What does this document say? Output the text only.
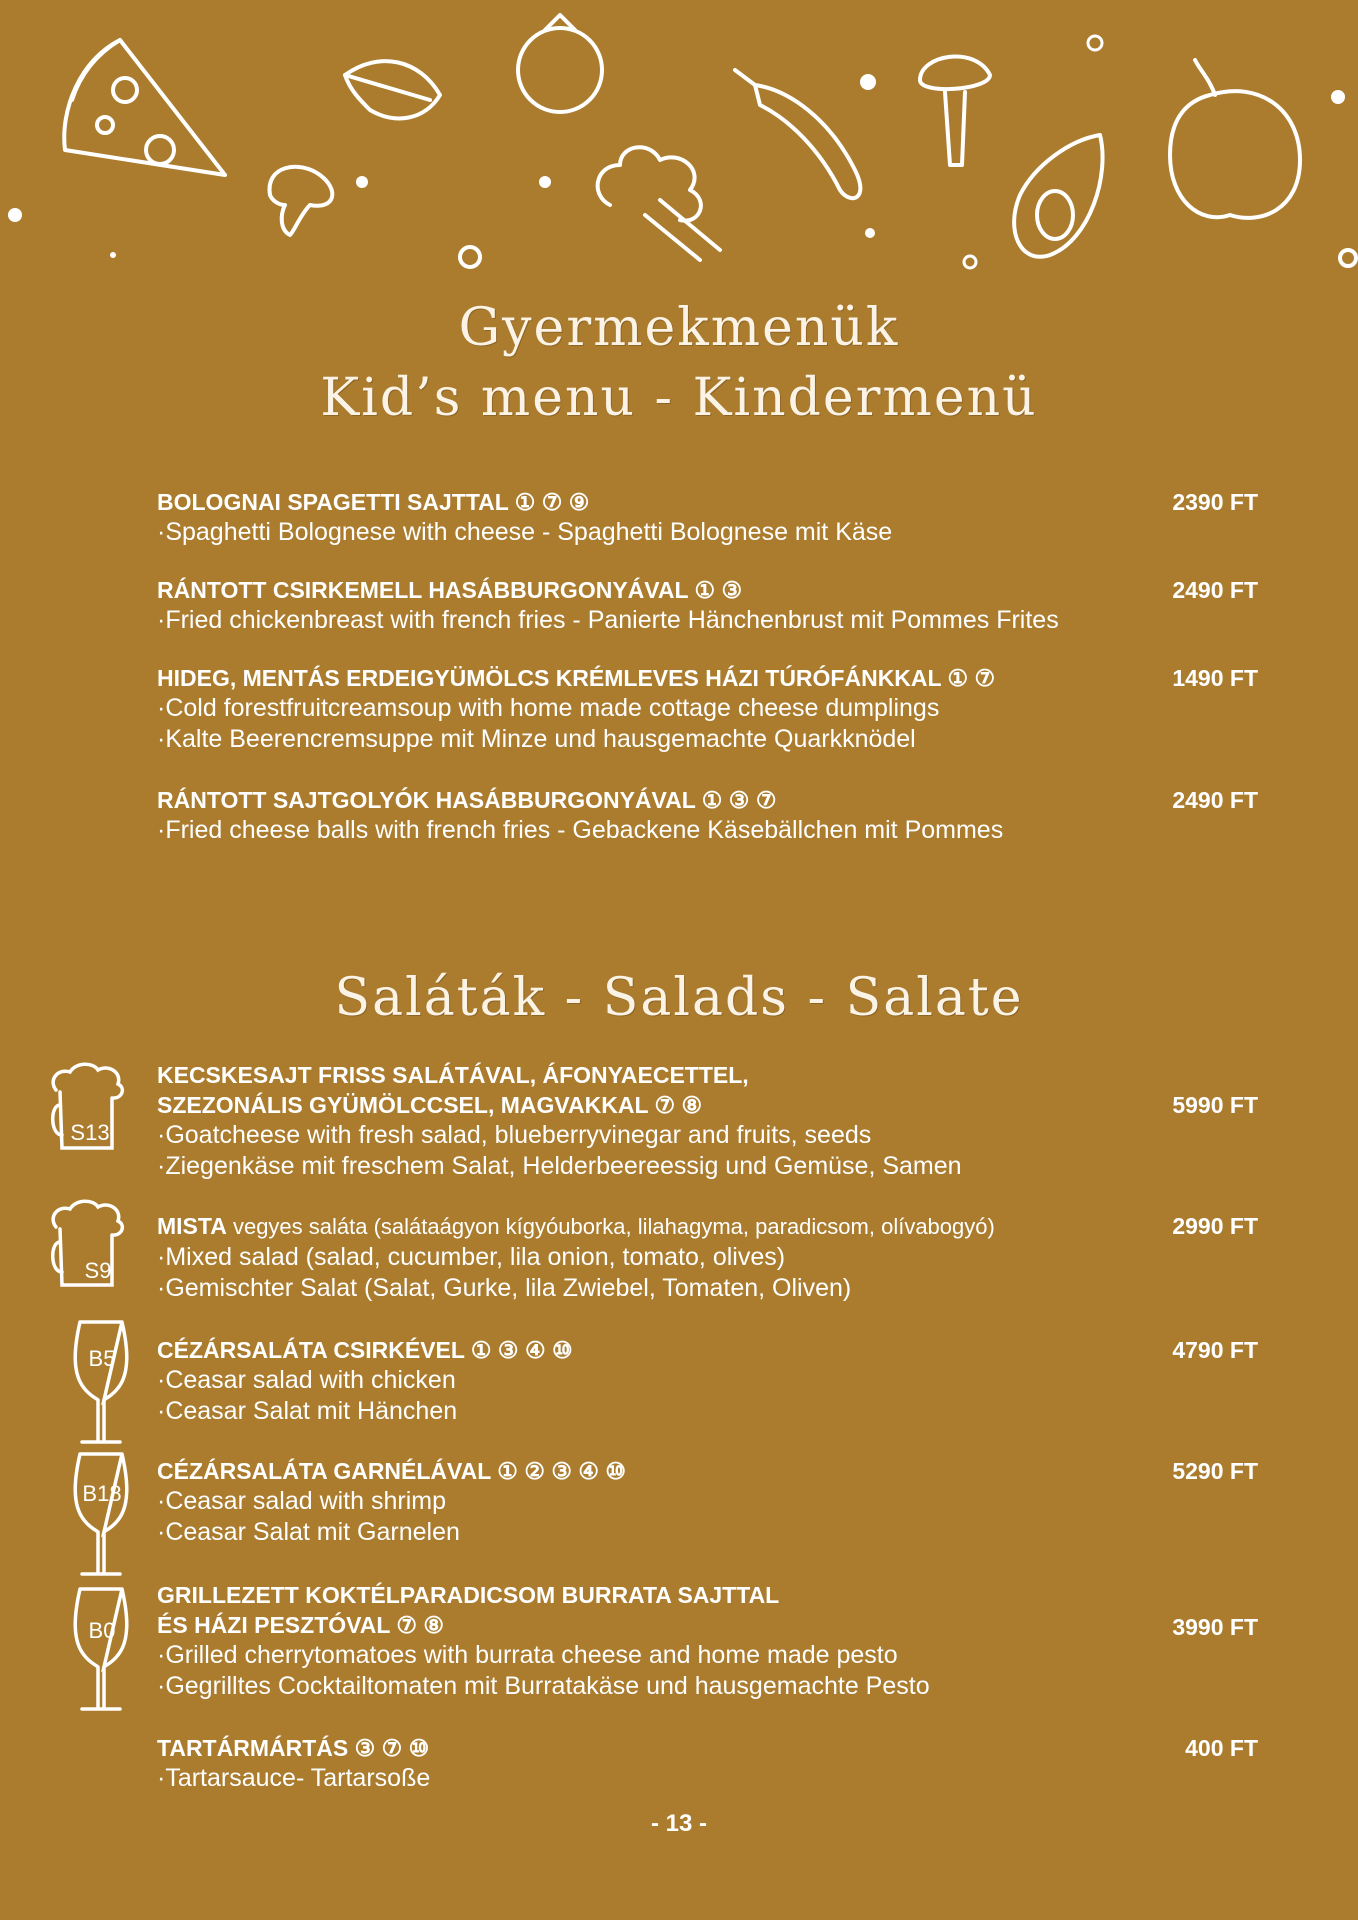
Gyermekmenük
Kid’s menu - Kindermenü
BOLOGNAI SPAGETTI SAJTTAL ① ⑦ ⑨
·Spaghetti Bolognese with cheese - Spaghetti Bolognese mit Käse
2390 FT
RÁNTOTT CSIRKEMELL HASÁBBURGONYÁVAL ① ③
·Fried chickenbreast with french fries - Panierte Hänchenbrust mit Pommes Frites
2490 FT
HIDEG, MENTÁS ERDEIGYÜMÖLCS KRÉMLEVES HÁZI TÚRÓFÁNKKAL ① ⑦
·Cold forestfruitcreamsoup with home made cottage cheese dumplings
·Kalte Beerencremsuppe mit Minze und hausgemachte Quarkknödel
1490 FT
RÁNTOTT SAJTGOLYÓK HASÁBBURGONYÁVAL ① ③ ⑦
·Fried cheese balls with french fries - Gebackene Käsebällchen mit Pommes
2490 FT
Saláták - Salads - Salate
S13
KECSKESAJT FRISS SALÁTÁVAL, ÁFONYAECETTEL,
SZEZONÁLIS GYÜMÖLCCSEL, MAGVAKKAL ⑦ ⑧
·Goatcheese with fresh salad, blueberryvinegar and fruits, seeds
·Ziegenkäse mit freschem Salat, Helderbeereessig und Gemüse, Samen
5990 FT
S9
MISTA vegyes saláta (salátaágyon kígyóuborka, lilahagyma, paradicsom, olívabogyó)
·Mixed salad (salad, cucumber, lila onion, tomato, olives)
·Gemischter Salat (Salat, Gurke, lila Zwiebel, Tomaten, Oliven)
2990 FT
B5	CÉZÁRSALÁTA CSIRKÉVEL ① ③ ④ ⑩
·Ceasar salad with chicken
·Ceasar Salat mit Hänchen
4790 FT
B18
CÉZÁRSALÁTA GARNÉLÁVAL ① ② ③ ④ ⑩
·Ceasar salad with shrimp
·Ceasar Salat mit Garnelen
5290 FT
B0
GRILLEZETT KOKTÉLPARADICSOM BURRATA SAJTTAL
ÉS HÁZI PESZTÓVAL ⑦ ⑧
·Grilled cherrytomatoes with burrata cheese and home made pesto
·Gegrilltes Cocktailtomaten mit Burratakäse und hausgemachte Pesto
3990 FT
TARTÁRMÁRTÁS ③ ⑦ ⑩
·Tartarsauce- Tartarsoße
400 FT
- 13 -
